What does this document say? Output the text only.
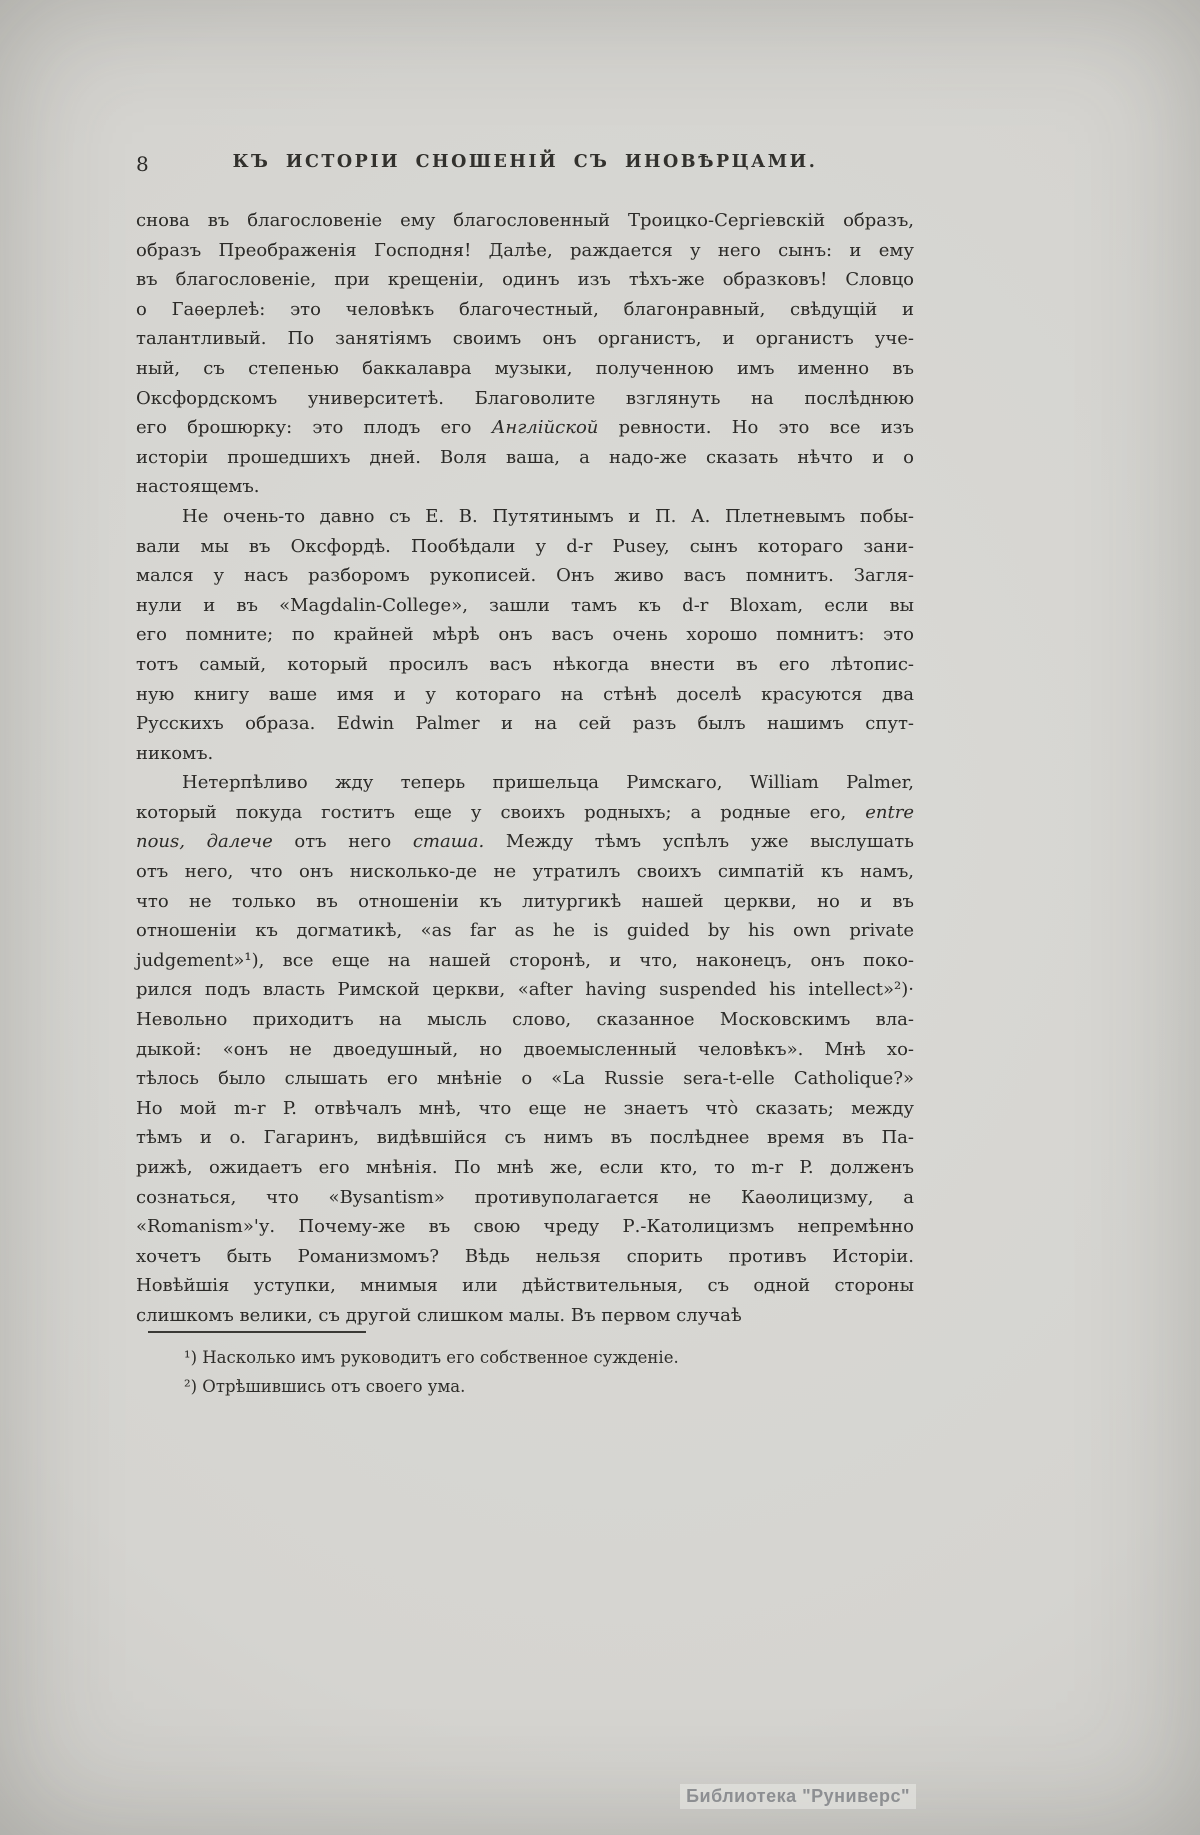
8	КЪ ИСТОРІИ СНОШЕНІЙ СЪ ИНОВѢРЦАМИ.
снова въ благословеніе ему благословенный Троицко-Сергіевскій образъ,
образъ Преображенія Господня! Далѣе, раждается у него сынъ: и ему
въ благословеніе, при крещеніи, одинъ изъ тѣхъ-же образковъ! Словцо
о Гаѳерлеѣ: это человѣкъ благочестный, благонравный, свѣдущій и
талантливый. По занятіямъ своимъ онъ органистъ, и органистъ уче-
ный, съ степенью баккалавра музыки, полученною имъ именно въ
Оксфордскомъ университетѣ. Благоволите взглянуть на послѣднюю
его брошюрку: это плодъ его Англійской ревности. Но это все изъ
исторіи прошедшихъ дней. Воля ваша, а надо-же сказать нѣчто и о
настоящемъ.
Не очень-то давно съ Е. В. Путятинымъ и П. А. Плетневымъ побы-
вали мы въ Оксфордѣ. Пообѣдали у d-r Pusey, сынъ котораго зани-
мался у насъ разборомъ рукописей. Онъ живо васъ помнитъ. Загля-
нули и въ «Magdalin-College», зашли тамъ къ d-r Bloxam, если вы
его помните; по крайней мѣрѣ онъ васъ очень хорошо помнитъ: это
тотъ самый, который просилъ васъ нѣкогда внести въ его лѣтопис-
ную книгу ваше имя и у котораго на стѣнѣ доселѣ красуются два
Русскихъ образа. Edwin Palmer и на сей разъ былъ нашимъ спут-
никомъ.
Нетерпѣливо жду теперь пришельца Римскаго, William Palmer,
который покуда гоститъ еще у своихъ родныхъ; а родные его, entre
nous, далече отъ него сташа. Между тѣмъ успѣлъ уже выслушать
отъ него, что онъ нисколько-де не утратилъ своихъ симпатій къ намъ,
что не только въ отношеніи къ литургикѣ нашей церкви, но и въ
отношеніи къ догматикѣ, «as far as he is guided by his own private
judgement»¹), все еще на нашей сторонѣ, и что, наконецъ, онъ поко-
рился подъ власть Римской церкви, «after having suspended his intellect»²)·
Невольно приходитъ на мысль слово, сказанное Московскимъ вла-
дыкой: «онъ не двоедушный, но двоемысленный человѣкъ». Мнѣ хо-
тѣлось было слышать его мнѣніе о «La Russie sera-t-elle Catholique?»
Но мой m-r P. отвѣчалъ мнѣ, что еще не знаетъ чтò сказать; между
тѣмъ и о. Гагаринъ, видѣвшійся съ нимъ въ послѣднее время въ Па-
рижѣ, ожидаетъ его мнѣнія. По мнѣ же, если кто, то m-r P. долженъ
сознаться, что «Bysantism» противуполагается не Каѳолицизму, а
«Romanism»'у. Почему-же въ свою чреду Р.-Католицизмъ непремѣнно
хочетъ быть Романизмомъ? Вѣдь нельзя спорить противъ Исторіи.
Новѣйшія уступки, мнимыя или дѣйствительныя, съ одной стороны
слишкомъ велики, съ другой слишком малы. Въ первом случаѣ
¹) Насколько имъ руководитъ его собственное сужденіе.
²) Отрѣшившись отъ своего ума.
Библиотека "Руниверс"
